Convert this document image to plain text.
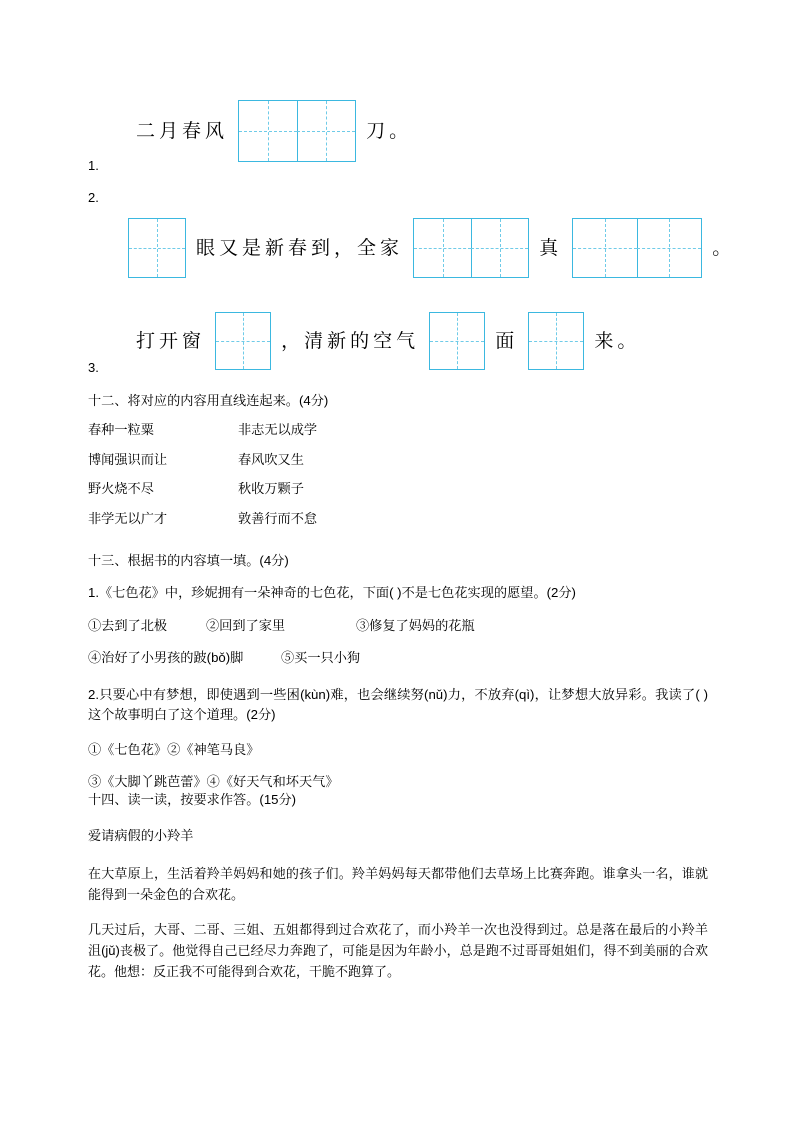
二月春风	刀。
1.
2.
眼又是新春到，全家	真	。
打开窗	，清新的空气	面	来。
3.
十二、将对应的内容用直线连起来。(4分)
春种一粒粟	非志无以成学
博闻强识而让	春风吹又生
野火烧不尽	秋收万颗子
非学无以广才	敦善行而不怠
十三、根据书的内容填一填。(4分)
1.《七色花》中，珍妮拥有一朵神奇的七色花，下面( )不是七色花实现的愿望。(2分)
①去到了北极	②回到了家里	③修复了妈妈的花瓶
④治好了小男孩的跛(bǒ)脚	⑤买一只小狗
2.只要心中有梦想，即使遇到一些困(kùn)难，也会继续努(nǔ)力，不放弃(qì)，让梦想大放异彩。我读了( )这个故事明白了这个道理。(2分)
①《七色花》②《神笔马良》
③《大脚丫跳芭蕾》④《好天气和坏天气》
十四、读一读，按要求作答。(15分)
爱请病假的小羚羊
在大草原上，生活着羚羊妈妈和她的孩子们。羚羊妈妈每天都带他们去草场上比赛奔跑。谁拿头一名，谁就能得到一朵金色的合欢花。
几天过后，大哥、二哥、三姐、五姐都得到过合欢花了，而小羚羊一次也没得到过。总是落在最后的小羚羊沮(jǔ)丧极了。他觉得自己已经尽力奔跑了，可能是因为年龄小，总是跑不过哥哥姐姐们，得不到美丽的合欢花。他想：反正我不可能得到合欢花，干脆不跑算了。
